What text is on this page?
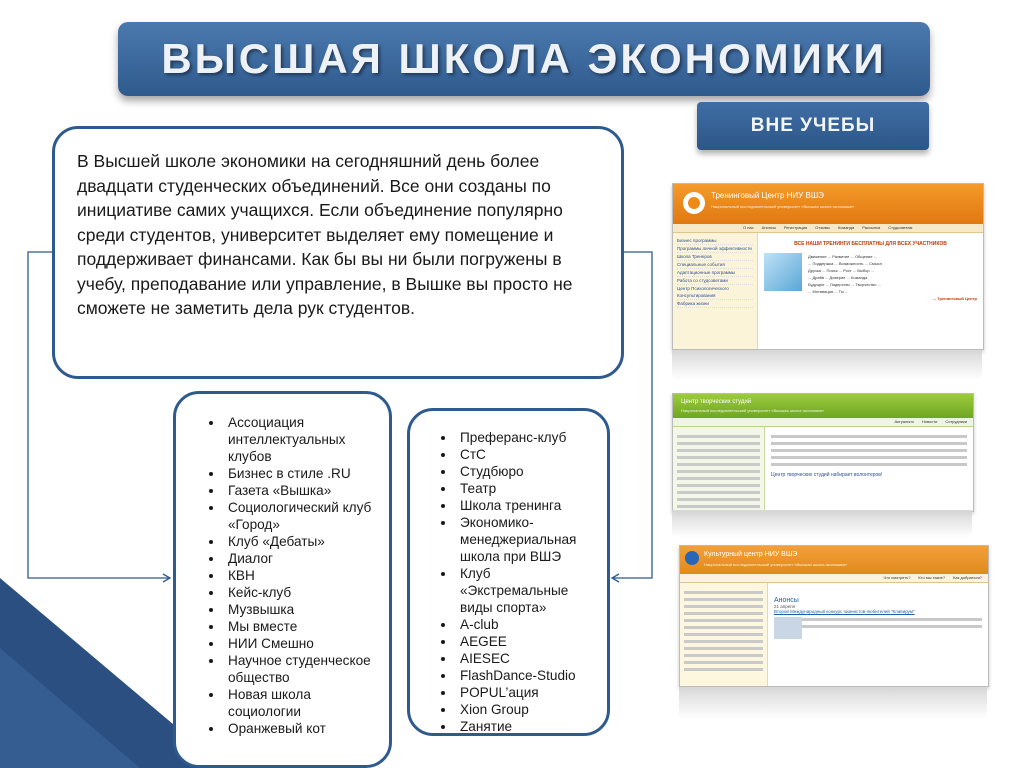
ВЫСШАЯ ШКОЛА ЭКОНОМИКИ
ВНЕ УЧЕБЫ
В Высшей школе экономики на сегодняшний день более двадцати студенческих объединений. Все они созданы по инициативе самих учащихся. Если объединение популярно среди студентов, университет выделяет ему помещение и поддерживает финансами. Как бы вы ни были погружены в учебу, преподавание или управление, в Вышке вы просто не сможете не заметить дела рук студентов.
• Ассоциация интеллектуальных клубов
• Бизнес в стиле .RU
• Газета «Вышка»
• Социологический клуб «Город»
• Клуб «Дебаты»
• Диалог
• КВН
• Кейс-клуб
• Музвышка
• Мы вместе
• НИИ Смешно
• Научное студенческое общество
• Новая школа социологии
• Оранжевый кот
• Преферанс-клуб
• СтС
• Студбюро
• Театр
• Школа тренинга
• Экономико-менеджериальная школа при ВШЭ
• Клуб «Экстремальные виды спорта»
• A-club
• AEGEE
• AIESEC
• FlashDance-Studio
• POPUL’ация
• Xion Group
• Zанятие
Тренинговый Центр НИУ ВШЭ
Национальный исследовательский университет «Высшая школа экономики»
О нас Анонсы Регистрация Отзывы Команда Рассылка Студсоветам
Бизнес программы
Программы личной эффективности
Школа Тренеров
Специальные события
Адаптационные программы
Работа со студсоветами
Центр Психологического Консультирования
Фабрика жизни
ВСЕ НАШИ ТРЕНИНГИ БЕСПЛАТНЫ ДЛЯ ВСЕХ УЧАСТНИКОВ
Движение ... Развитие ... Общение ...
... Поддержка ... Возможность ... Смысл
Друзья ... Поиск ... Рост ... Выбор ...
... Драйв ... Доверие ... Команда
Будущее ... Лидерство ... Творчество ...
... Мотивация ... Ты ...
... Тренинговый Центр
Центр творческих студий
Национальный исследовательский университет «Высшая школа экономики»
Актуально Новости Сотрудники
Центр творческих студий набирает волонтеров!
Культурный центр НИУ ВШЭ
Национальный исследовательский университет «Высшая школа экономики»
Что смотреть? Кто мы такие? Как добраться?
Анонсы
21 апреля
Второй Международный конкурс пианистов-любителей "Клавирум"
